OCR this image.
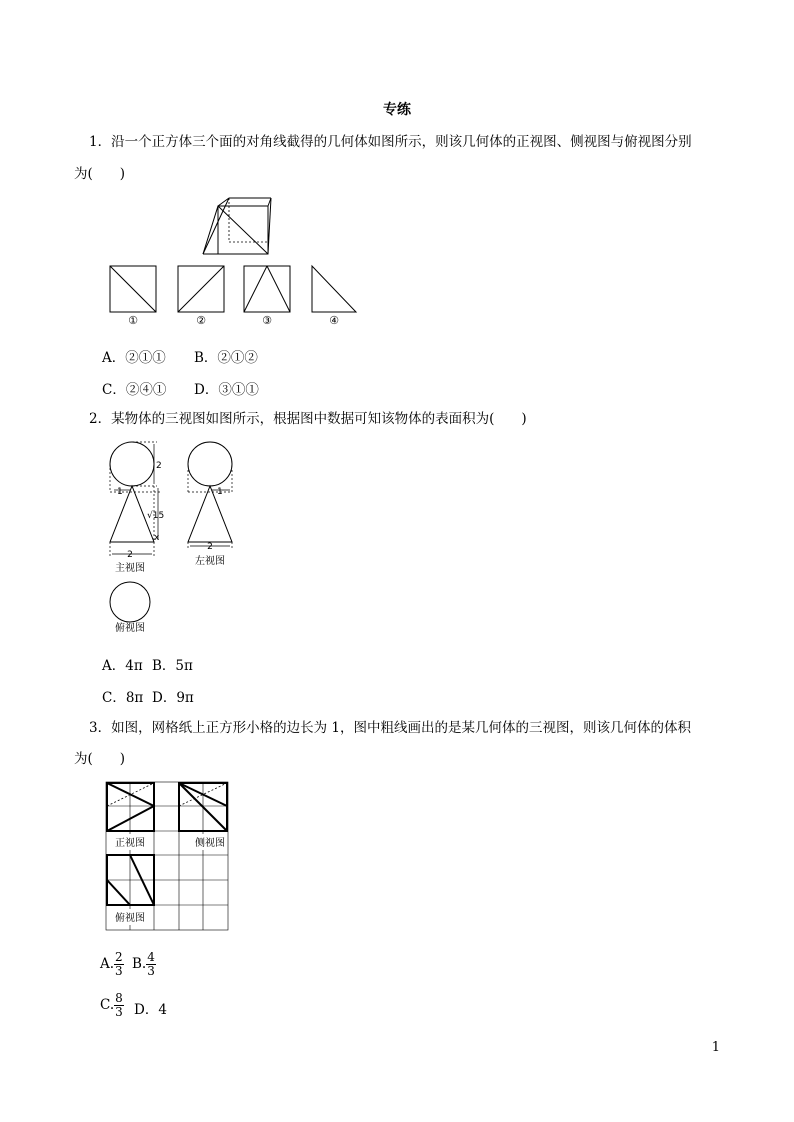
专练
1．沿一个正方体三个面的对角线截得的几何体如图所示，则该几何体的正视图、侧视图与俯视图分别
为(　　)
①	②	③	④
A．②①① B．②①②
C．②④① D．③①①
2．某物体的三视图如图所示，根据图中数据可知该物体的表面积为(　　)
2
1	1
√15
x
2
2
主视图
左视图
俯视图
A．4π B．5π
C．8π D．9π
3．如图，网格纸上正方形小格的边长为 1，图中粗线画出的是某几何体的三视图，则该几何体的体积
为(　　)
正视图	侧视图
俯视图
A. $\frac{2}{3} B$. $\frac{4}{3}$
C. $\frac{8}{3}$ D．4
1
